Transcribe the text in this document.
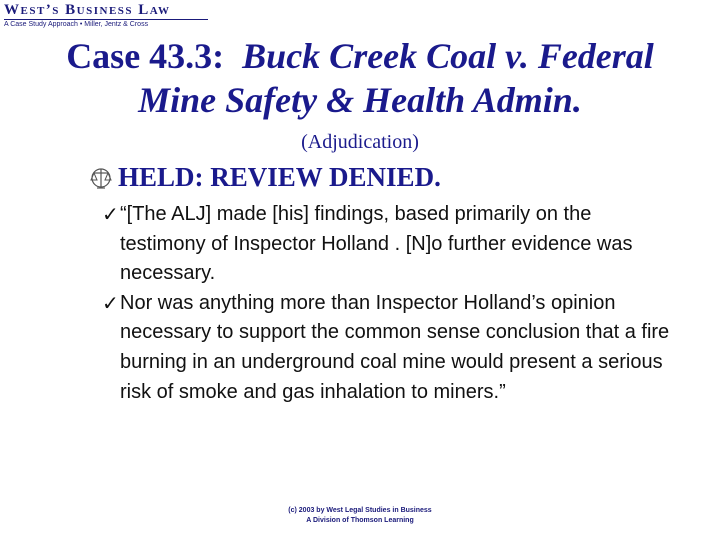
West’s Business Law
A Case Study Approach • Miller, Jentz & Cross
Case 43.3: Buck Creek Coal v. Federal
Mine Safety & Health Admin.
(Adjudication)
HELD: REVIEW DENIED.
✓ “[The ALJ] made [his] findings, based primarily on the testimony of Inspector Holland . [N]o further evidence was necessary.
✓ Nor was anything more than Inspector Holland’s opinion necessary to support the common sense conclusion that a fire burning in an underground coal mine would present a serious risk of smoke and gas inhalation to miners.”
(c) 2003 by West Legal Studies in Business
A Division of Thomson Learning
